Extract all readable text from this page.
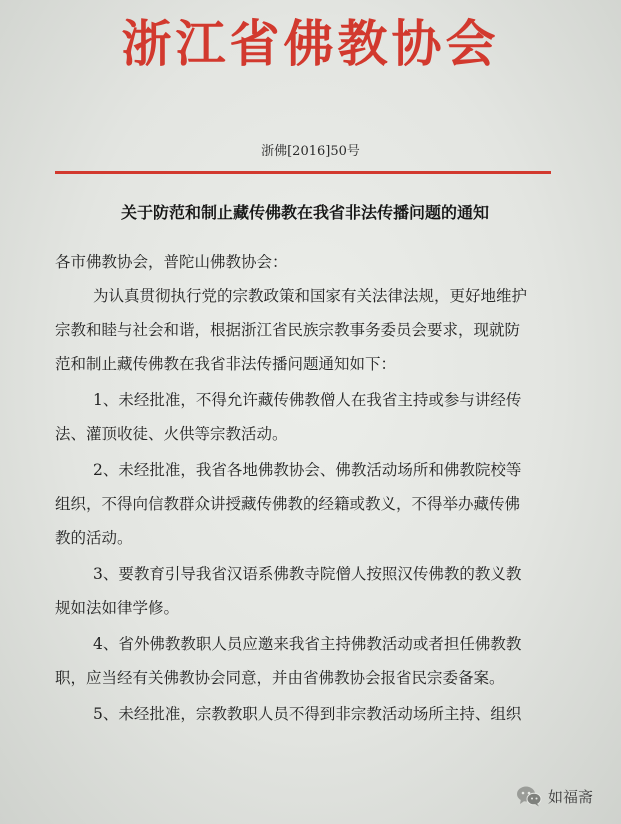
浙江省佛教协会
浙佛[2016]50号
关于防范和制止藏传佛教在我省非法传播问题的通知
各市佛教协会，普陀山佛教协会：
为认真贯彻执行党的宗教政策和国家有关法律法规，更好地维护
宗教和睦与社会和谐，根据浙江省民族宗教事务委员会要求，现就防
范和制止藏传佛教在我省非法传播问题通知如下：
1、未经批准，不得允许藏传佛教僧人在我省主持或参与讲经传
法、灌顶收徒、火供等宗教活动。
2、未经批准，我省各地佛教协会、佛教活动场所和佛教院校等
组织，不得向信教群众讲授藏传佛教的经籍或教义，不得举办藏传佛
教的活动。
3、要教育引导我省汉语系佛教寺院僧人按照汉传佛教的教义教
规如法如律学修。
4、省外佛教教职人员应邀来我省主持佛教活动或者担任佛教教
职，应当经有关佛教协会同意，并由省佛教协会报省民宗委备案。
5、未经批准，宗教教职人员不得到非宗教活动场所主持、组织
如福斋
